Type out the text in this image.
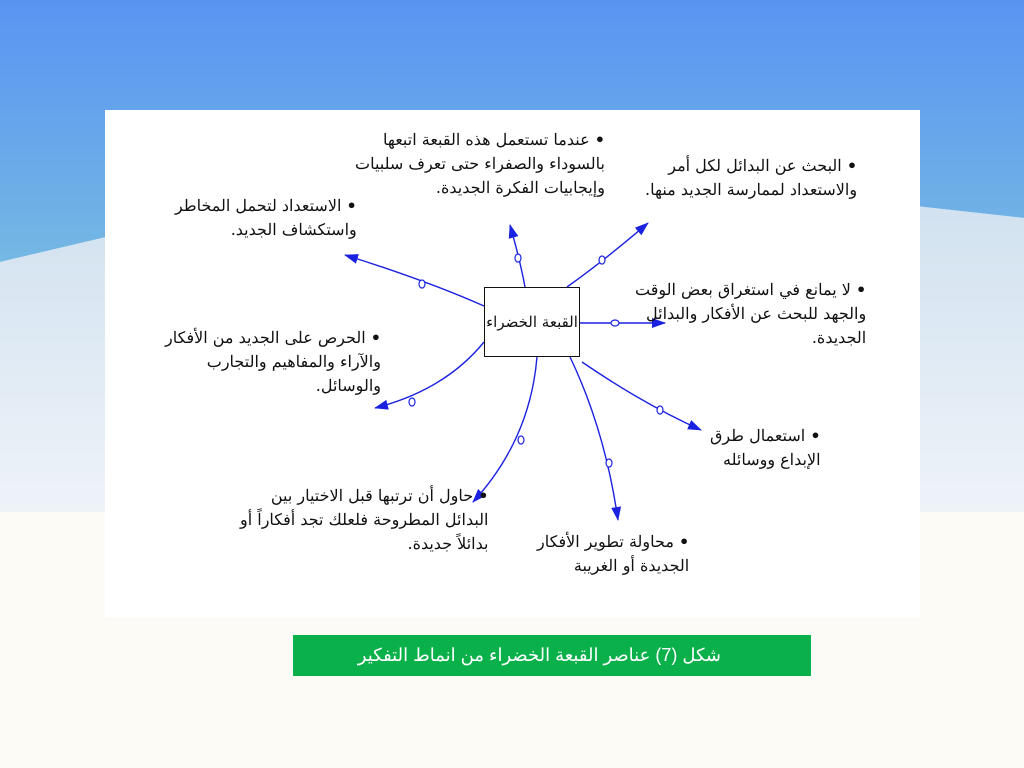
القبعة الخضراء
• عندما تستعمل هذه القبعة اتبعها
بالسوداء والصفراء حتى تعرف سلبيات
وإيجابيات الفكرة الجديدة.
• البحث عن البدائل لكل أمر
والاستعداد لممارسة الجديد منها.
• الاستعداد لتحمل المخاطر
واستكشاف الجديد.
• لا يمانع في استغراق بعض الوقت
والجهد للبحث عن الأفكار والبدائل
الجديدة.
• الحرص على الجديد من الأفكار
والآراء والمفاهيم والتجارب
والوسائل.
• استعمال طرق
الإبداع ووسائله
• حاول أن ترتبها قبل الاختيار بين
البدائل المطروحة فلعلك تجد أفكاراً أو
بدائلاً جديدة.	• محاولة تطوير الأفكار
الجديدة أو الغريبة
شكل (7) عناصر القبعة الخضراء من انماط التفكير
